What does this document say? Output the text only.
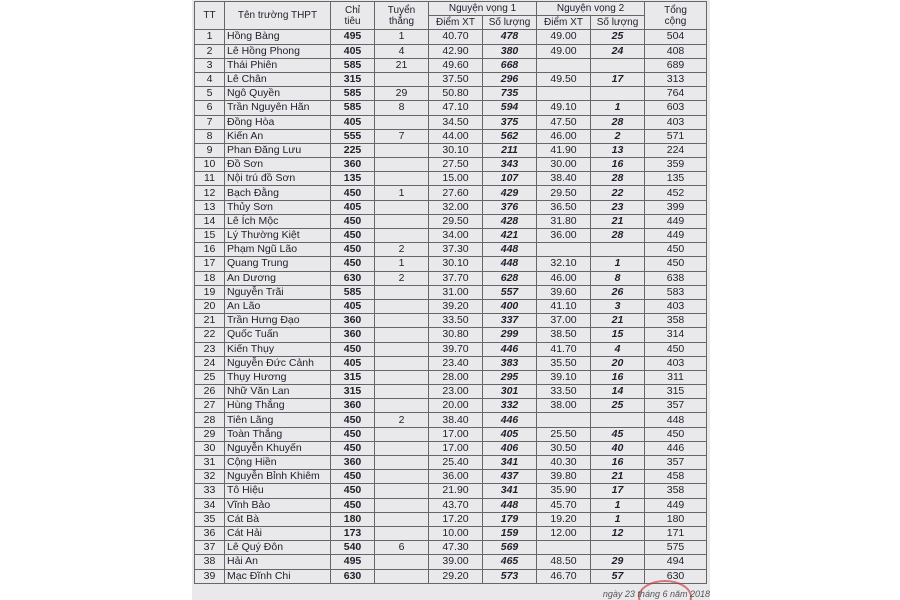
TT	Tên trường THPT	Chỉ
tiêu	Tuyển
thẳng	Nguyện vọng 1		Nguyện vọng 2		Tổng
cộng
				Điểm XT	Số lượng	Điểm XT	Số lượng	
1	Hồng Bàng	495	1	40.70	478	49.00	25	504
2	Lê Hồng Phong	405	4	42.90	380	49.00	24	408
3	Thái Phiên	585	21	49.60	668			689
4	Lê Chân	315		37.50	296	49.50	17	313
5	Ngô Quyền	585	29	50.80	735			764
6	Trần Nguyên Hãn	585	8	47.10	594	49.10	1	603
7	Đồng Hòa	405		34.50	375	47.50	28	403
8	Kiến An	555	7	44.00	562	46.00	2	571
9	Phan Đăng Lưu	225		30.10	211	41.90	13	224
10	Đồ Sơn	360		27.50	343	30.00	16	359
11	Nội trú đồ Sơn	135		15.00	107	38.40	28	135
12	Bạch Đằng	450	1	27.60	429	29.50	22	452
13	Thủy Sơn	405		32.00	376	36.50	23	399
14	Lê Ích Mộc	450		29.50	428	31.80	21	449
15	Lý Thường Kiệt	450		34.00	421	36.00	28	449
16	Phạm Ngũ Lão	450	2	37.30	448			450
17	Quang Trung	450	1	30.10	448	32.10	1	450
18	An Dương	630	2	37.70	628	46.00	8	638
19	Nguyễn Trãi	585		31.00	557	39.60	26	583
20	An Lão	405		39.20	400	41.10	3	403
21	Trần Hưng Đạo	360		33.50	337	37.00	21	358
22	Quốc Tuấn	360		30.80	299	38.50	15	314
23	Kiến Thụy	450		39.70	446	41.70	4	450
24	Nguyễn Đức Cảnh	405		23.40	383	35.50	20	403
25	Thụy Hương	315		28.00	295	39.10	16	311
26	Nhữ Văn Lan	315		23.00	301	33.50	14	315
27	Hùng Thắng	360		20.00	332	38.00	25	357
28	Tiên Lãng	450	2	38.40	446			448
29	Toàn Thắng	450		17.00	405	25.50	45	450
30	Nguyễn Khuyến	450		17.00	406	30.50	40	446
31	Cộng Hiền	360		25.40	341	40.30	16	357
32	Nguyễn Bỉnh Khiêm	450		36.00	437	39.80	21	458
33	Tô Hiệu	450		21.90	341	35.90	17	358
34	Vĩnh Bảo	450		43.70	448	45.70	1	449
35	Cát Bà	180		17.20	179	19.20	1	180
36	Cát Hải	173		10.00	159	12.00	12	171
37	Lê Quý Đôn	540	6	47.30	569			575
38	Hải An	495		39.00	465	48.50	29	494
39	Mạc Đĩnh Chi	630		29.20	573	46.70	57	630
ngày 23 tháng 6 năm 2018
